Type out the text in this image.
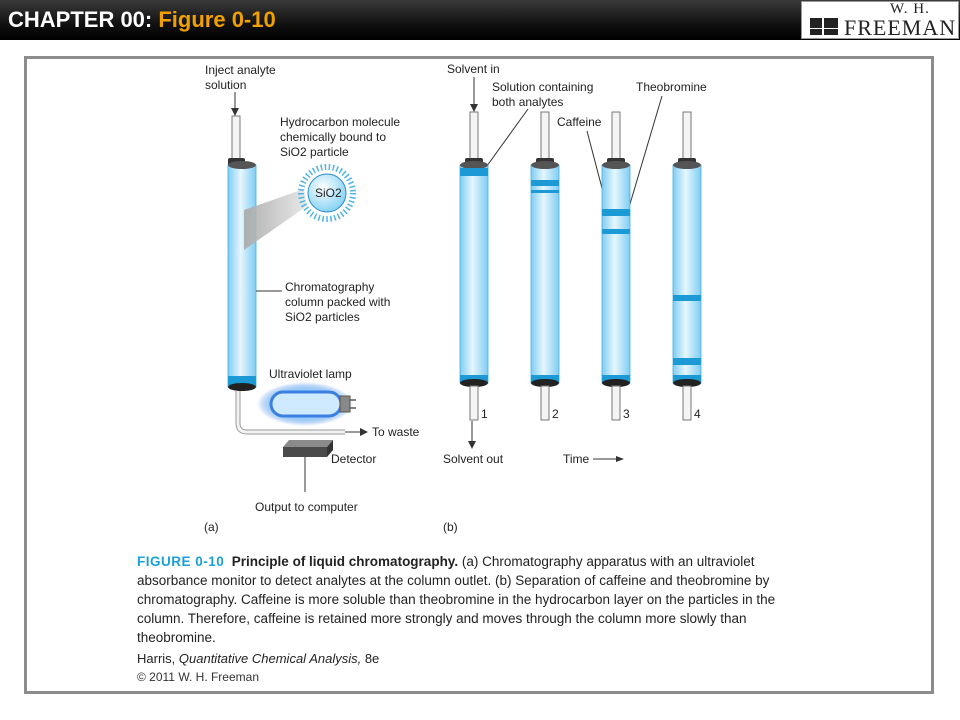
CHAPTER 00: Figure 0-10	W. H.
FREEMAN
Inject analyte
solution
SiO2
Hydrocarbon molecule
chemically bound to
SiO2 particle
Chromatography
column packed with
SiO2 particles
To waste
Ultraviolet lamp
Detector
Output to computer
(a)
Solvent in
Solution containing
both analytes
Caffeine
Theobromine
1	2	3	4
Solvent out	Time
(b)
FIGURE 0-10 Principle of liquid chromatography. (a) Chromatography apparatus with an ultraviolet absorbance monitor to detect analytes at the column outlet. (b) Separation of caffeine and theobromine by chromatography. Caffeine is more soluble than theobromine in the hydrocarbon layer on the particles in the column. Therefore, caffeine is retained more strongly and moves through the column more slowly than theobromine.
Harris, Quantitative Chemical Analysis, 8e
© 2011 W. H. Freeman
